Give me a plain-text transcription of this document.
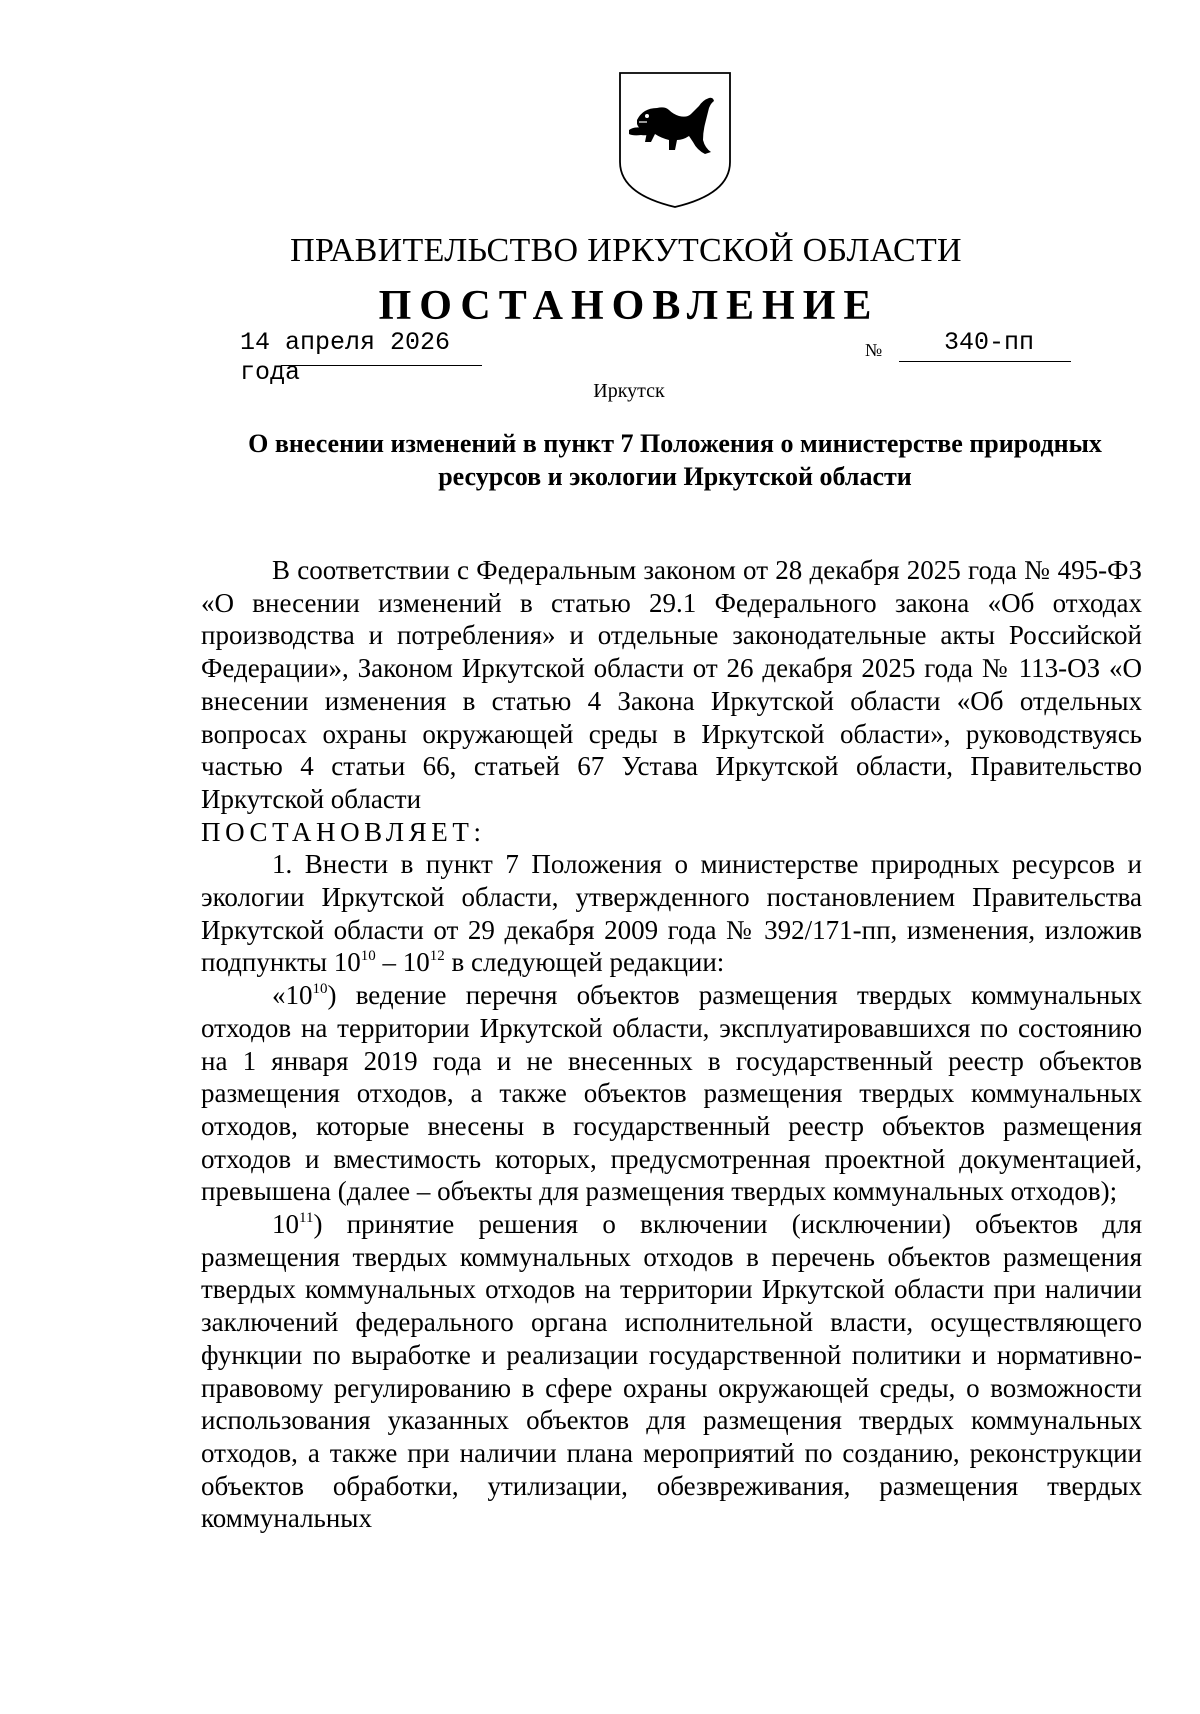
ПРАВИТЕЛЬСТВО ИРКУТСКОЙ ОБЛАСТИ
ПОСТАНОВЛЕНИЕ
14 апреля 2026 года
№ 340-пп
Иркутск
О внесении изменений в пункт 7 Положения о министерстве природных ресурсов и экологии Иркутской области

В соответствии с Федеральным законом от 28 декабря 2025 года № 495-ФЗ «О внесении изменений в статью 29.1 Федерального закона «Об отходах производства и потребления» и отдельные законодательные акты Российской Федерации», Законом Иркутской области от 26 декабря 2025 года № 113-ОЗ «О внесении изменения в статью 4 Закона Иркутской области «Об отдельных вопросах охраны окружающей среды в Иркутской области», руководствуясь частью 4 статьи 66, статьей 67 Устава Иркутской области, Правительство Иркутской области

ПОСТАНОВЛЯЕТ:

1. Внести в пункт 7 Положения о министерстве природных ресурсов и экологии Иркутской области, утвержденного постановлением Правительства Иркутской области от 29 декабря 2009 года № 392/171-пп, изменения, изложив подпункты $10^{10} - 10^{12}$ в следующей редакции:

«$10^{10}$) ведение перечня объектов размещения твердых коммунальных отходов на территории Иркутской области, эксплуатировавшихся по состоянию на 1 января 2019 года и не внесенных в государственный реестр объектов размещения отходов, а также объектов размещения твердых коммунальных отходов, которые внесены в государственный реестр объектов размещения отходов и вместимость которых, предусмотренная проектной документацией, превышена (далее – объекты для размещения твердых коммунальных отходов);

$10^{11}$) принятие решения о включении (исключении) объектов для размещения твердых коммунальных отходов в перечень объектов размещения твердых коммунальных отходов на территории Иркутской области при наличии заключений федерального органа исполнительной власти, осуществляющего функции по выработке и реализации государственной политики и нормативно-правовому регулированию в сфере охраны окружающей среды, о возможности использования указанных объектов для размещения твердых коммунальных отходов, а также при наличии плана мероприятий по созданию, реконструкции объектов обработки, утилизации, обезвреживания, размещения твердых коммунальных
